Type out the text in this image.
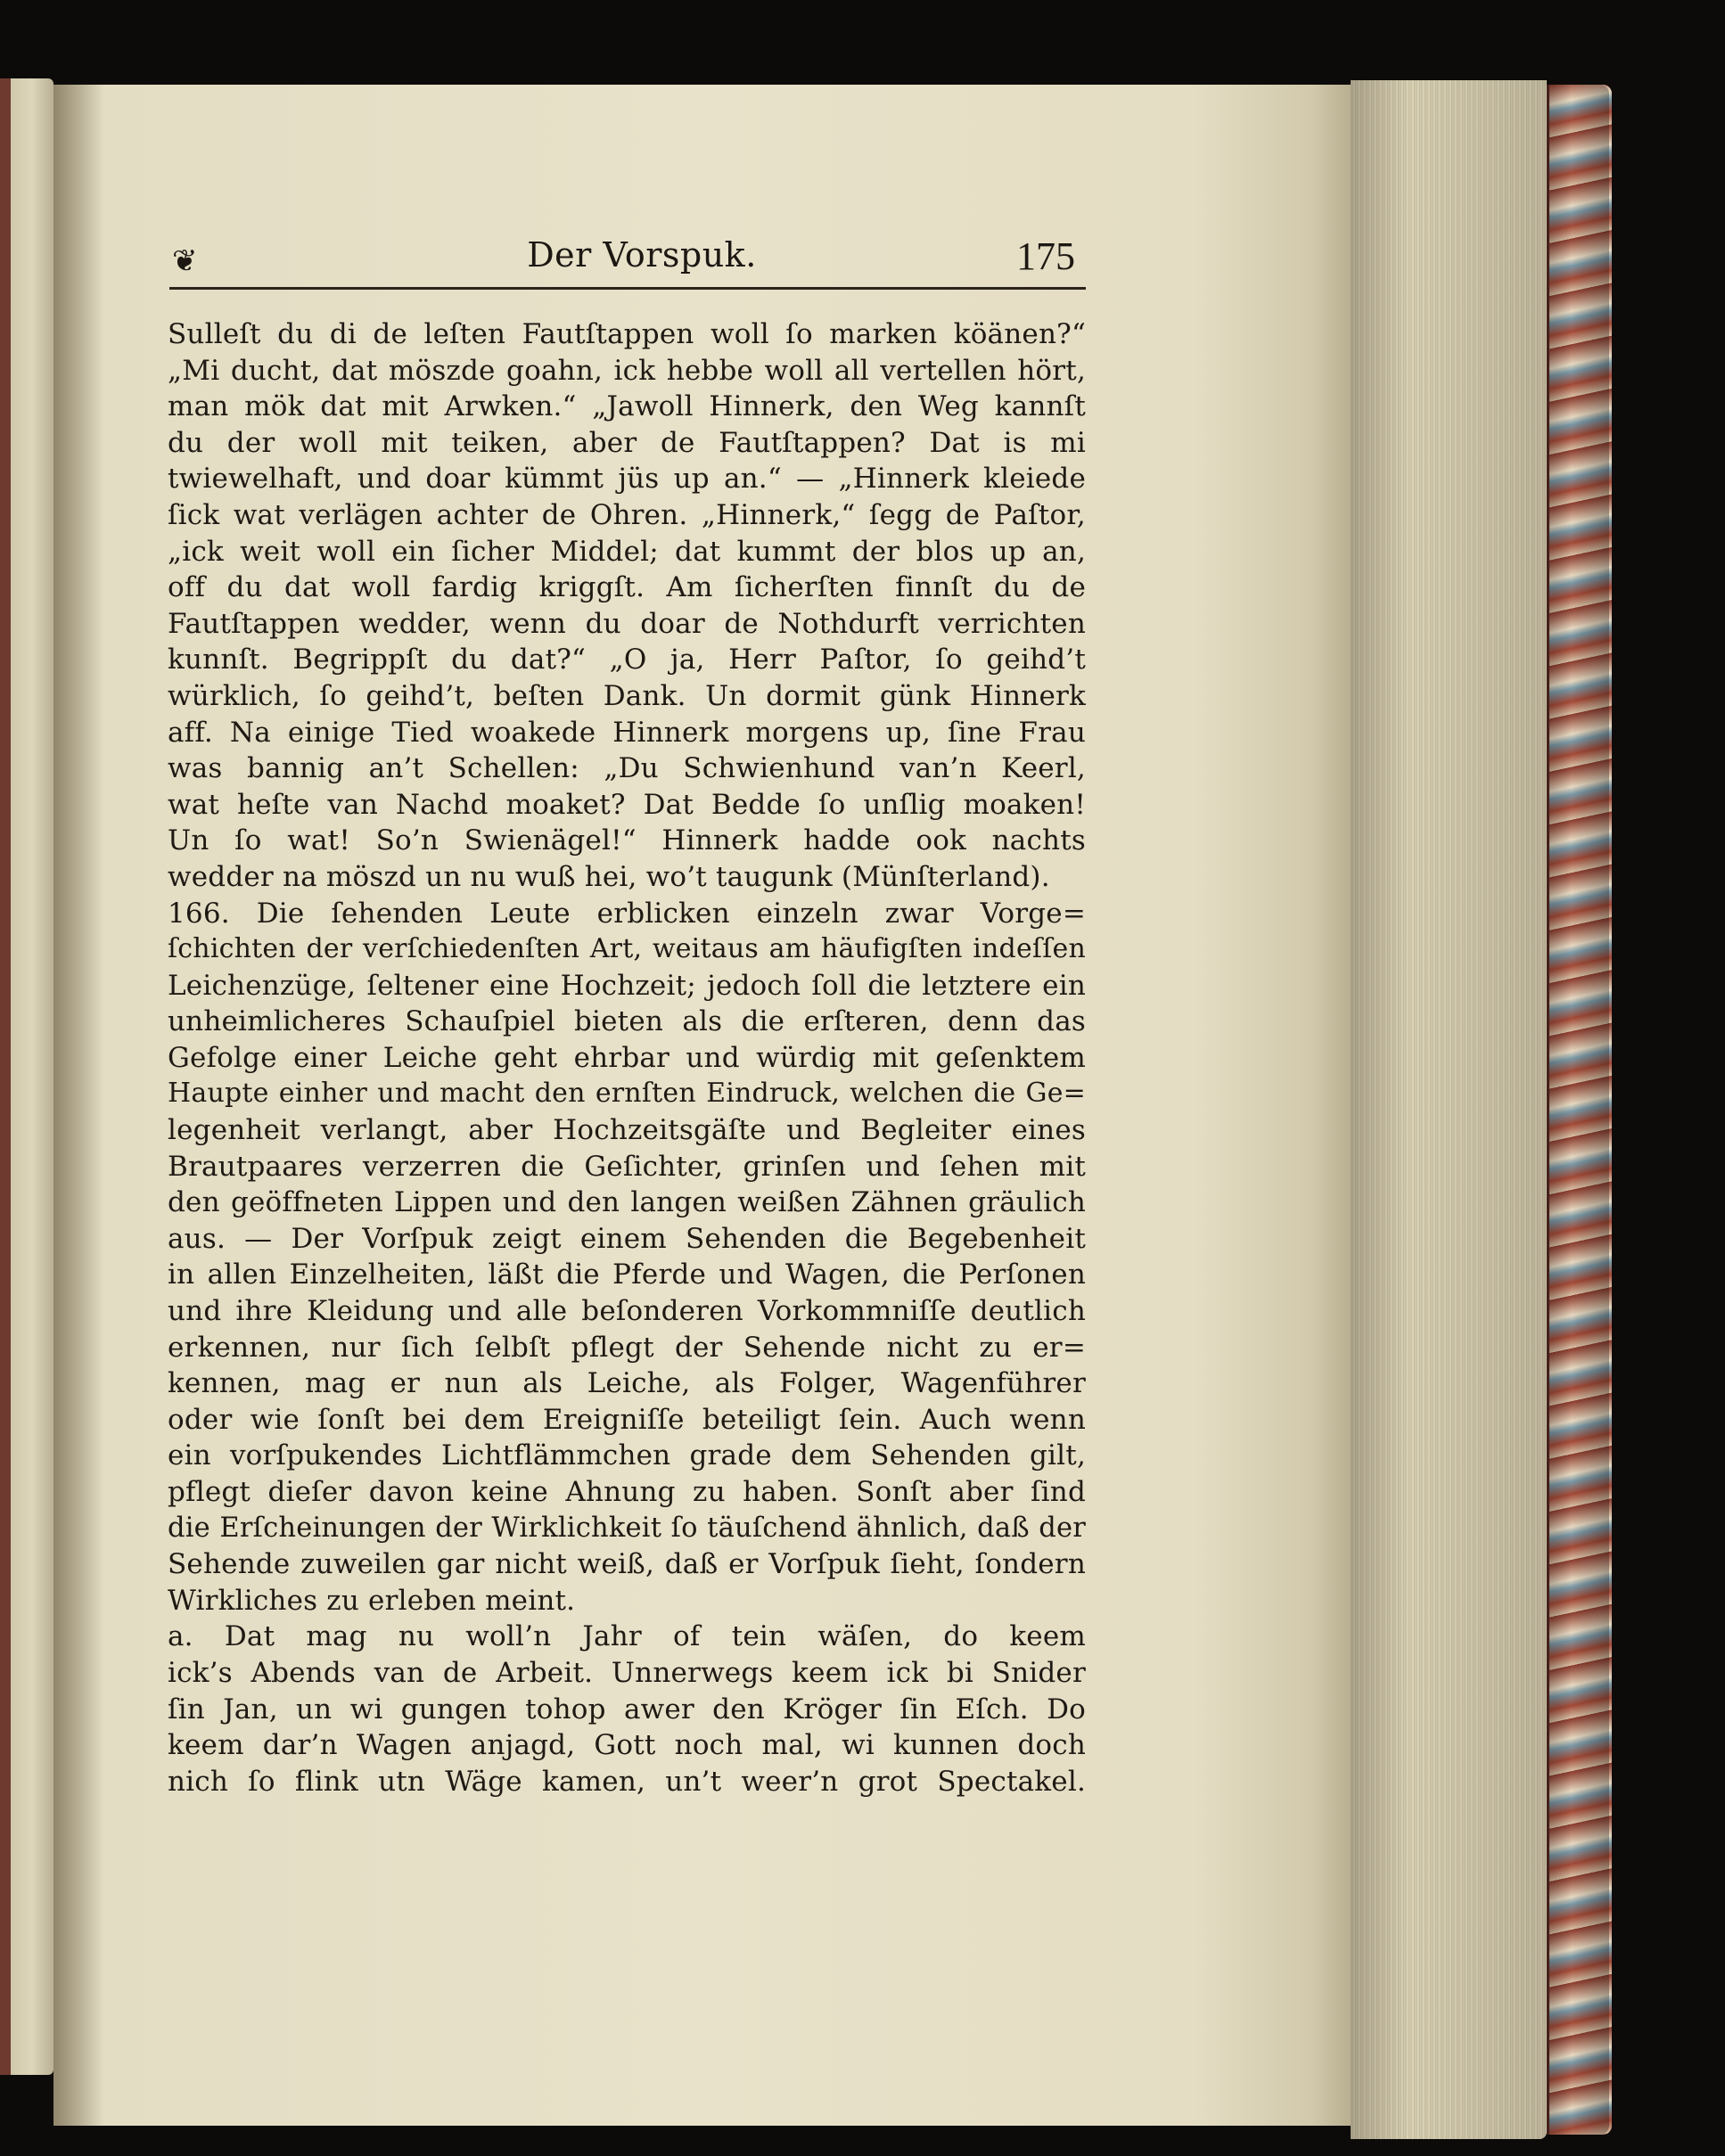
❦	Der Vorspuk.	175
Sulleſt du di de leſten Fautſtappen woll ſo marken köänen?“
„Mi ducht, dat möszde goahn, ick hebbe woll all vertellen hört,
man mök dat mit Arwken.“ „Jawoll Hinnerk, den Weg kannſt
du der woll mit teiken, aber de Fautſtappen? Dat is mi
twiewelhaft, und doar kümmt jüs up an.“ — „Hinnerk kleiede
ſick wat verlägen achter de Ohren. „Hinnerk,“ ſegg de Paſtor,
„ick weit woll ein ſicher Middel; dat kummt der blos up an,
off du dat woll fardig kriggſt. Am ſicherſten finnſt du de
Fautſtappen wedder, wenn du doar de Nothdurft verrichten
kunnſt. Begrippſt du dat?“ „O ja, Herr Paſtor, ſo geihd’t
würklich, ſo geihd’t, beſten Dank. Un dormit günk Hinnerk
aff. Na einige Tied woakede Hinnerk morgens up, ſine Frau
was bannig an’t Schellen: „Du Schwienhund van’n Keerl,
wat heſte van Nachd moaket? Dat Bedde ſo unſlig moaken!
Un ſo wat! So’n Swienägel!“ Hinnerk hadde ook nachts
wedder na möszd un nu wuß hei, wo’t taugunk (Münſterland).
166. Die ſehenden Leute erblicken einzeln zwar Vorge=
ſchichten der verſchiedenſten Art, weitaus am häufigſten indeſſen
Leichenzüge, ſeltener eine Hochzeit; jedoch ſoll die letztere ein
unheimlicheres Schauſpiel bieten als die erſteren, denn das
Gefolge einer Leiche geht ehrbar und würdig mit geſenktem
Haupte einher und macht den ernſten Eindruck, welchen die Ge=
legenheit verlangt, aber Hochzeitsgäſte und Begleiter eines
Brautpaares verzerren die Geſichter, grinſen und ſehen mit
den geöffneten Lippen und den langen weißen Zähnen gräulich
aus. — Der Vorſpuk zeigt einem Sehenden die Begebenheit
in allen Einzelheiten, läßt die Pferde und Wagen, die Perſonen
und ihre Kleidung und alle beſonderen Vorkommniſſe deutlich
erkennen, nur ſich ſelbſt pflegt der Sehende nicht zu er=
kennen, mag er nun als Leiche, als Folger, Wagenführer
oder wie ſonſt bei dem Ereigniſſe beteiligt ſein. Auch wenn
ein vorſpukendes Lichtflämmchen grade dem Sehenden gilt,
pflegt dieſer davon keine Ahnung zu haben. Sonſt aber ſind
die Erſcheinungen der Wirklichkeit ſo täuſchend ähnlich, daß der
Sehende zuweilen gar nicht weiß, daß er Vorſpuk ſieht, ſondern
Wirkliches zu erleben meint.
a. Dat mag nu woll’n Jahr of tein wäſen, do keem
ick’s Abends van de Arbeit. Unnerwegs keem ick bi Snider
ſin Jan, un wi gungen tohop awer den Kröger ſin Eſch. Do
keem dar’n Wagen anjagd, Gott noch mal, wi kunnen doch
nich ſo flink utn Wäge kamen, un’t weer’n grot Spectakel.
